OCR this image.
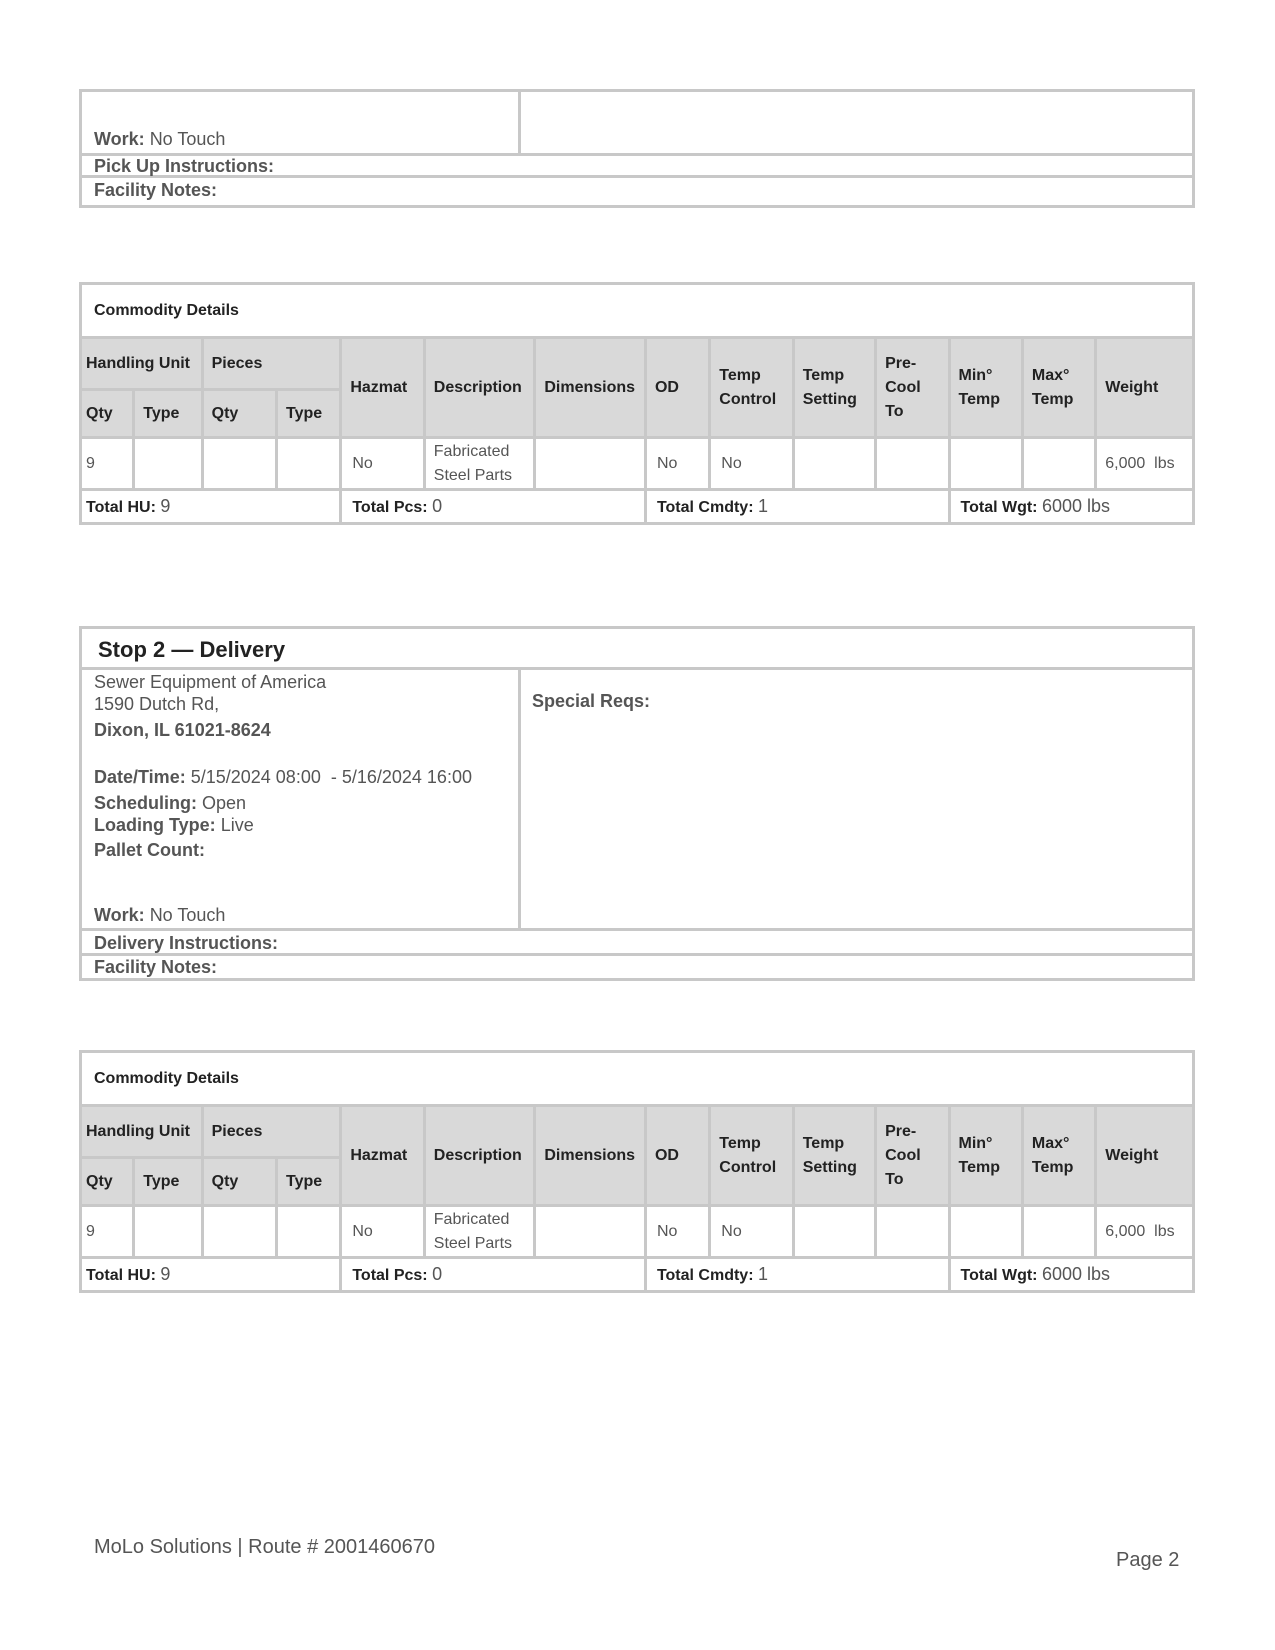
Work: No Touch
Pick Up Instructions:
Facility Notes:
Commodity Details													
Handling Unit		Pieces		Hazmat	Description	Dimensions	OD	Temp Control	Temp Setting	Pre-Cool To	Min° Temp	Max° Temp	Weight
Qty	Type	Qty	Type										
9				No	Fabricated Steel Parts		No	No					6,000  lbs
Total HU: 9				Total Pcs: 0			Total Cmdty: 1				Total Wgt: 6000 lbs		
Stop 2 — Delivery
Sewer Equipment of America
1590 Dutch Rd,
Dixon, IL 61021-8624
Date/Time: 5/15/2024 08:00  - 5/16/2024 16:00
Scheduling: Open
Loading Type: Live
Pallet Count:
Work: No Touch
Special Reqs:
Delivery Instructions:
Facility Notes:
Commodity Details													
Handling Unit		Pieces		Hazmat	Description	Dimensions	OD	Temp Control	Temp Setting	Pre-Cool To	Min° Temp	Max° Temp	Weight
Qty	Type	Qty	Type										
9				No	Fabricated Steel Parts		No	No					6,000  lbs
Total HU: 9				Total Pcs: 0			Total Cmdty: 1				Total Wgt: 6000 lbs		
MoLo Solutions | Route # 2001460670
Page 2
